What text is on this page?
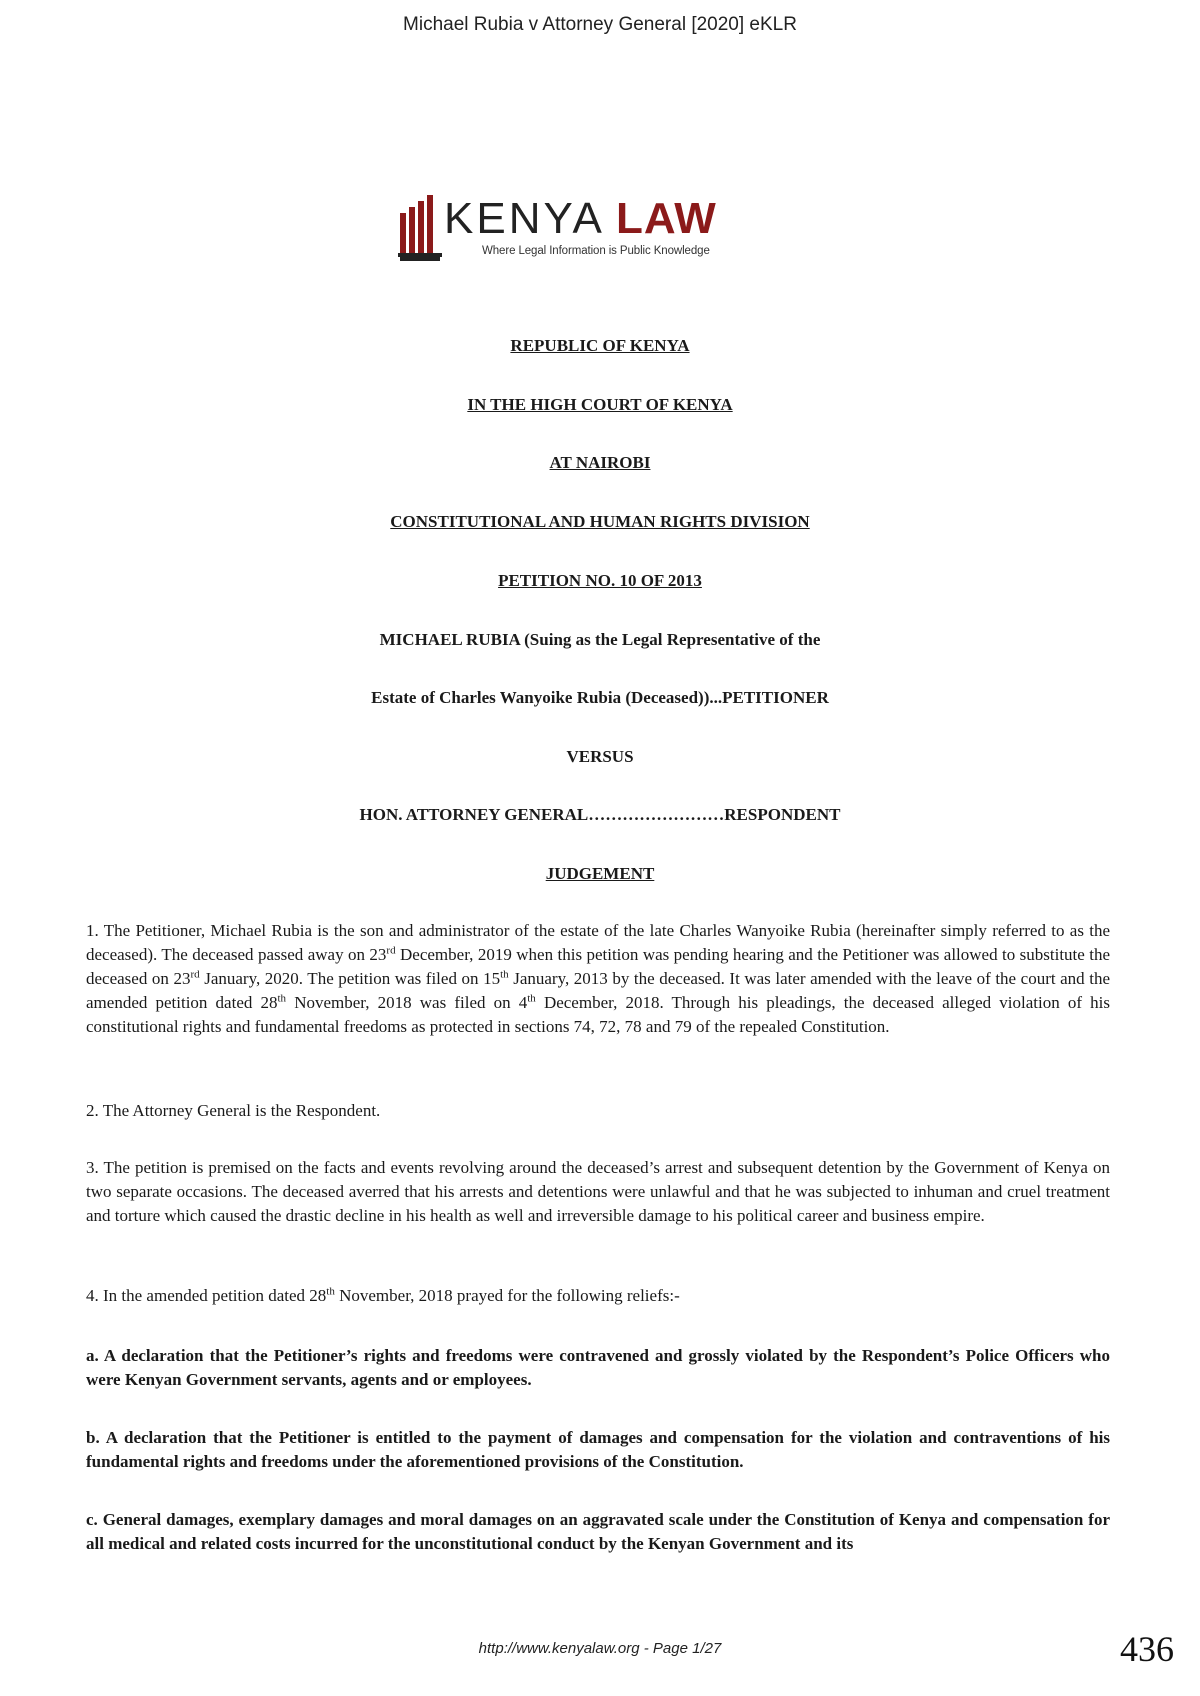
Michael Rubia v Attorney General [2020] eKLR
KENYA LAW
Where Legal Information is Public Knowledge
REPUBLIC OF KENYA
IN THE HIGH COURT OF KENYA
AT NAIROBI
CONSTITUTIONAL AND HUMAN RIGHTS DIVISION
PETITION NO. 10 OF 2013
MICHAEL RUBIA (Suing as the Legal Representative of the
Estate of Charles Wanyoike Rubia (Deceased))...PETITIONER
VERSUS
HON. ATTORNEY GENERAL……………………RESPONDENT
JUDGEMENT
1. The Petitioner, Michael Rubia is the son and administrator of the estate of the late Charles Wanyoike Rubia (hereinafter simply referred to as the deceased). The deceased passed away on 23rd December, 2019 when this petition was pending hearing and the Petitioner was allowed to substitute the deceased on 23rd January, 2020. The petition was filed on 15th January, 2013 by the deceased. It was later amended with the leave of the court and the amended petition dated 28th November, 2018 was filed on 4th December, 2018. Through his pleadings, the deceased alleged violation of his constitutional rights and fundamental freedoms as protected in sections 74, 72, 78 and 79 of the repealed Constitution.
2. The Attorney General is the Respondent.
3. The petition is premised on the facts and events revolving around the deceased’s arrest and subsequent detention by the Government of Kenya on two separate occasions. The deceased averred that his arrests and detentions were unlawful and that he was subjected to inhuman and cruel treatment and torture which caused the drastic decline in his health as well and irreversible damage to his political career and business empire.
4. In the amended petition dated 28th November, 2018 prayed for the following reliefs:-
a. A declaration that the Petitioner’s rights and freedoms were contravened and grossly violated by the Respondent’s Police Officers who were Kenyan Government servants, agents and or employees.
b. A declaration that the Petitioner is entitled to the payment of damages and compensation for the violation and contraventions of his fundamental rights and freedoms under the aforementioned provisions of the Constitution.
c. General damages, exemplary damages and moral damages on an aggravated scale under the Constitution of Kenya and compensation for all medical and related costs incurred for the unconstitutional conduct by the Kenyan Government and its
http://www.kenyalaw.org - Page 1/27	436
